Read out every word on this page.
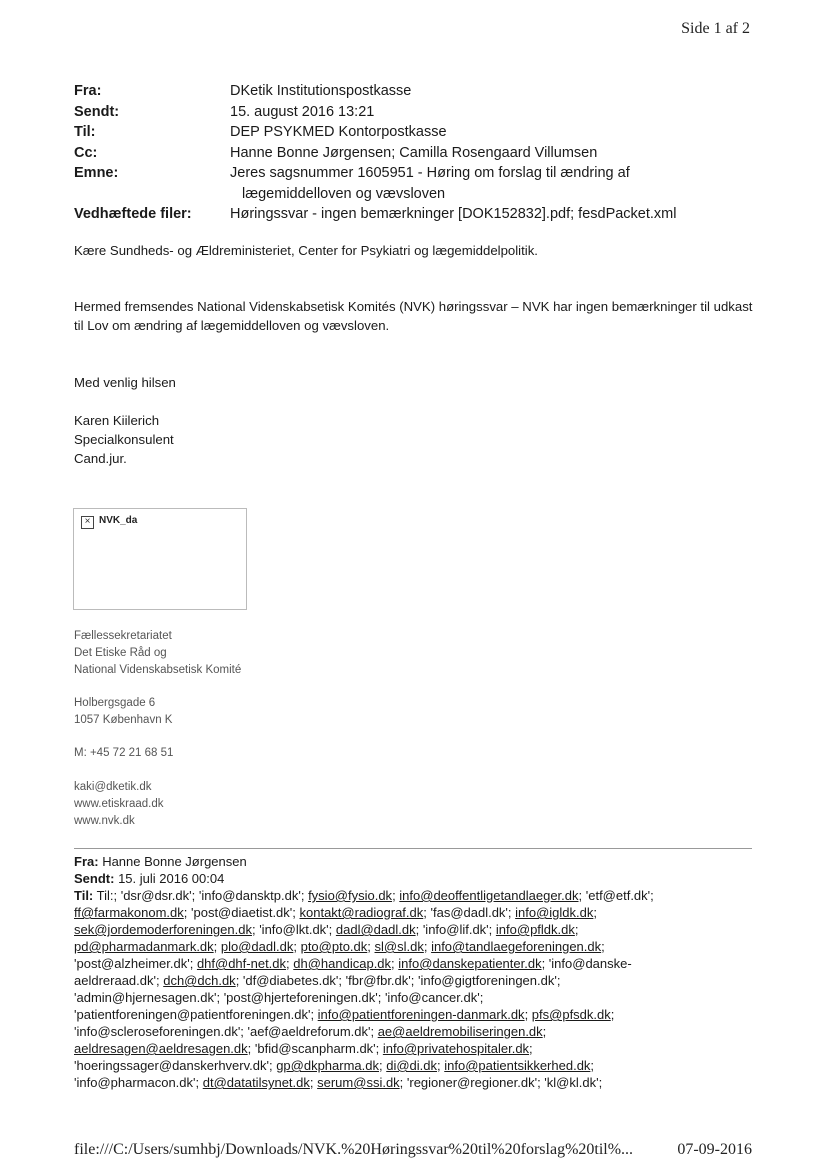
Side 1 af 2
Fra:	DKetik Institutionspostkasse
Sendt:	15. august 2016 13:21
Til:	DEP PSYKMED Kontorpostkasse
Cc:	Hanne Bonne Jørgensen; Camilla Rosengaard Villumsen
Emne:	Jeres sagsnummer 1605951 - Høring om forslag til ændring af
lægemiddelloven og vævsloven
Vedhæftede filer:	Høringssvar - ingen bemærkninger [DOK152832].pdf; fesdPacket.xml
Kære Sundheds- og Ældreministeriet, Center for Psykiatri og lægemiddelpolitik.
Hermed fremsendes National Videnskabsetisk Komités (NVK) høringssvar – NVK har ingen bemærkninger til udkast til Lov om ændring af lægemiddelloven og vævsloven.
Med venlig hilsen
Karen Kiilerich
Specialkonsulent
Cand.jur.
× NVK_da
Fællessekretariatet
Det Etiske Råd og
National Videnskabsetisk Komité
Holbergsgade 6
1057 København K
M: +45 72 21 68 51
kaki@dketik.dk
www.etiskraad.dk
www.nvk.dk
Fra: Hanne Bonne Jørgensen
Sendt: 15. juli 2016 00:04
Til: Til:; 'dsr@dsr.dk'; 'info@dansktp.dk'; fysio@fysio.dk; info@deoffentligetandlaeger.dk; 'etf@etf.dk';
ff@farmakonom.dk; 'post@diaetist.dk'; kontakt@radiograf.dk; 'fas@dadl.dk'; info@igldk.dk;
sek@jordemoderforeningen.dk; 'info@lkt.dk'; dadl@dadl.dk; 'info@lif.dk'; info@pfldk.dk;
pd@pharmadanmark.dk; plo@dadl.dk; pto@pto.dk; sl@sl.dk; info@tandlaegeforeningen.dk;
'post@alzheimer.dk'; dhf@dhf-net.dk; dh@handicap.dk; info@danskepatienter.dk; 'info@danske-
aeldreraad.dk'; dch@dch.dk; 'df@diabetes.dk'; 'fbr@fbr.dk'; 'info@gigtforeningen.dk';
'admin@hjernesagen.dk'; 'post@hjerteforeningen.dk'; 'info@cancer.dk';
'patientforeningen@patientforeningen.dk'; info@patientforeningen-danmark.dk; pfs@pfsdk.dk;
'info@scleroseforeningen.dk'; 'aef@aeldreforum.dk'; ae@aeldremobiliseringen.dk;
aeldresagen@aeldresagen.dk; 'bfid@scanpharm.dk'; info@privatehospitaler.dk;
'hoeringssager@danskerhverv.dk'; gp@dkpharma.dk; di@di.dk; info@patientsikkerhed.dk;
'info@pharmacon.dk'; dt@datatilsynet.dk; serum@ssi.dk; 'regioner@regioner.dk'; 'kl@kl.dk';
file:///C:/Users/sumhbj/Downloads/NVK.%20Høringssvar%20til%20forslag%20til%...	07-09-2016
